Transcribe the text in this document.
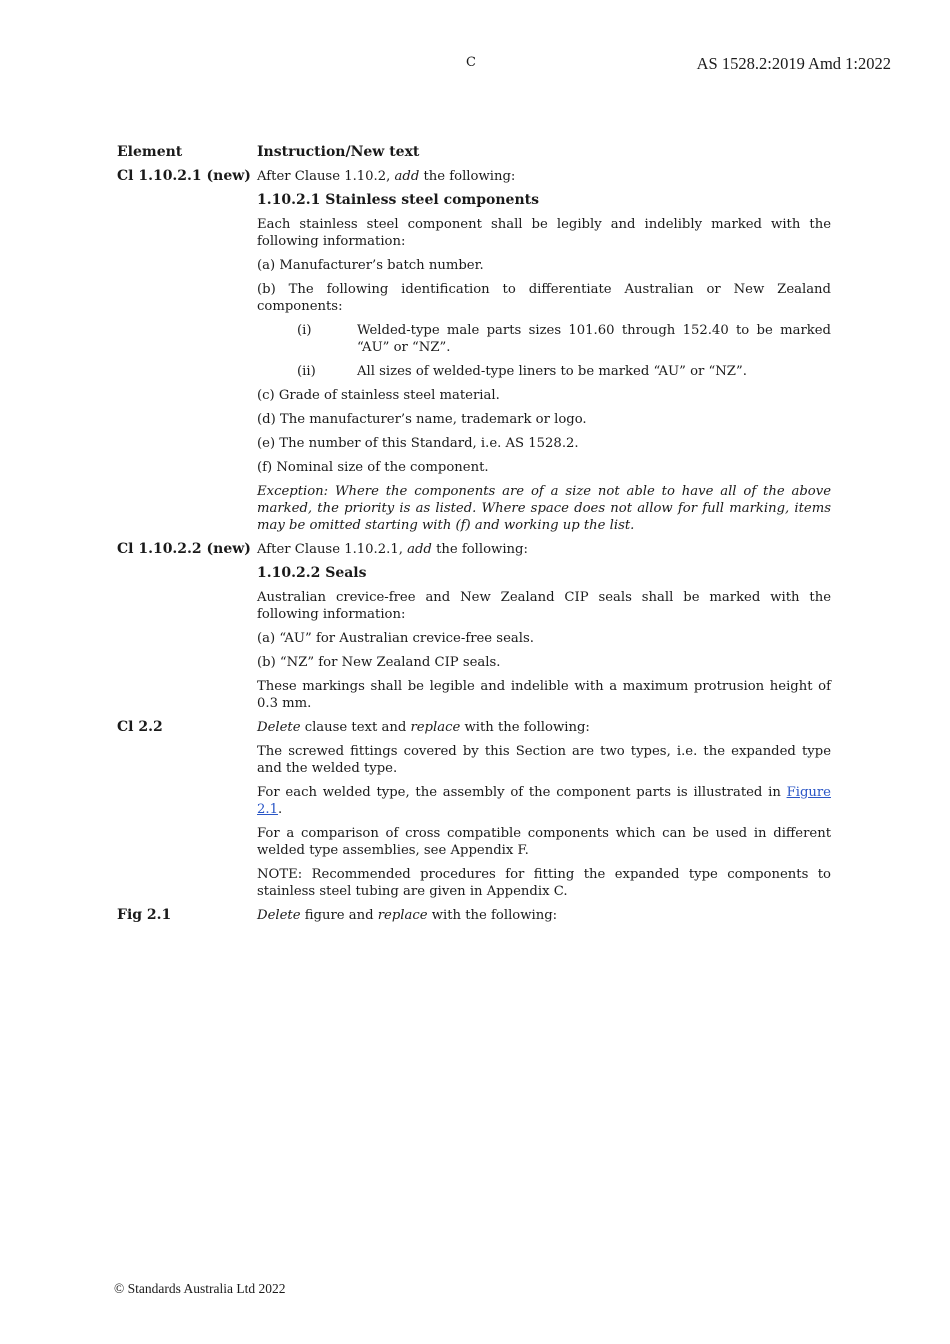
C	AS 1528.2:2019 Amd 1:2022
Element	Instruction/New text
Cl 1.10.2.1 (new) After Clause 1.10.2, add the following:
1.10.2.1 Stainless steel components
Each stainless steel component shall be legibly and indelibly marked with the following information:
(a) Manufacturer’s batch number.
(b) The following identification to differentiate Australian or New Zealand components:
(i)	Welded-type male parts sizes 101.60 through 152.40 to be marked “AU” or “NZ”.
(ii)	All sizes of welded-type liners to be marked “AU” or “NZ”.
(c) Grade of stainless steel material.
(d) The manufacturer’s name, trademark or logo.
(e) The number of this Standard, i.e. AS 1528.2.
(f) Nominal size of the component.
Exception: Where the components are of a size not able to have all of the above marked, the priority is as listed. Where space does not allow for full marking, items may be omitted starting with (f) and working up the list.
Cl 1.10.2.2 (new) After Clause 1.10.2.1, add the following:
1.10.2.2 Seals
Australian crevice-free and New Zealand CIP seals shall be marked with the following information:
(a) “AU” for Australian crevice-free seals.
(b) “NZ” for New Zealand CIP seals.
These markings shall be legible and indelible with a maximum protrusion height of 0.3 mm.
Cl 2.2	Delete clause text and replace with the following:
The screwed fittings covered by this Section are two types, i.e. the expanded type and the welded type.
For each welded type, the assembly of the component parts is illustrated in Figure 2.1.
For a comparison of cross compatible components which can be used in different welded type assemblies, see Appendix F.
NOTE: Recommended procedures for fitting the expanded type components to stainless steel tubing are given in Appendix C.
Fig 2.1	Delete figure and replace with the following:
© Standards Australia Ltd 2022
